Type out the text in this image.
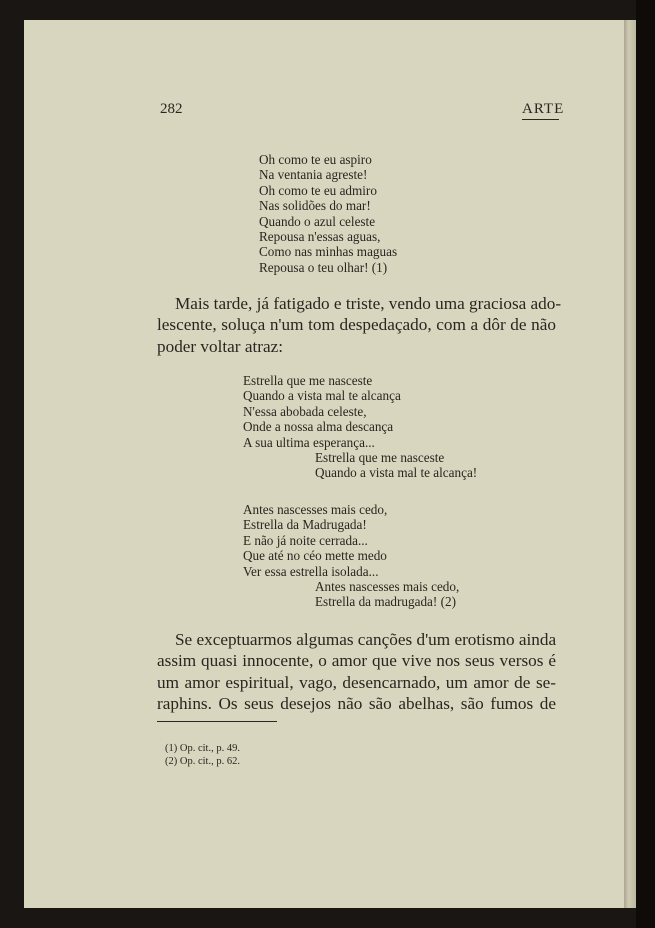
282	ARTE
Oh como te eu aspiro
Na ventania agreste!
Oh como te eu admiro
Nas solidões do mar!
Quando o azul celeste
Repousa n'essas aguas,
Como nas minhas maguas
Repousa o teu olhar! (1)
Mais tarde, já fatigado e triste, vendo uma graciosa ado-
lescente, soluça n'um tom despedaçado, com a dôr de não
poder voltar atraz:
Estrella que me nasceste
Quando a vista mal te alcança
N'essa abobada celeste,
Onde a nossa alma descança
A sua ultima esperança...
Estrella que me nasceste
Quando a vista mal te alcança!
Antes nascesses mais cedo,
Estrella da Madrugada!
E não já noite cerrada...
Que até no céo mette medo
Ver essa estrella isolada...
Antes nascesses mais cedo,
Estrella da madrugada! (2)
Se exceptuarmos algumas canções d'um erotismo ainda
assim quasi innocente, o amor que vive nos seus versos é
um amor espiritual, vago, desencarnado, um amor de se-
raphins. Os seus desejos não são abelhas, são fumos de
(1) Op. cit., p. 49.
(2) Op. cit., p. 62.
